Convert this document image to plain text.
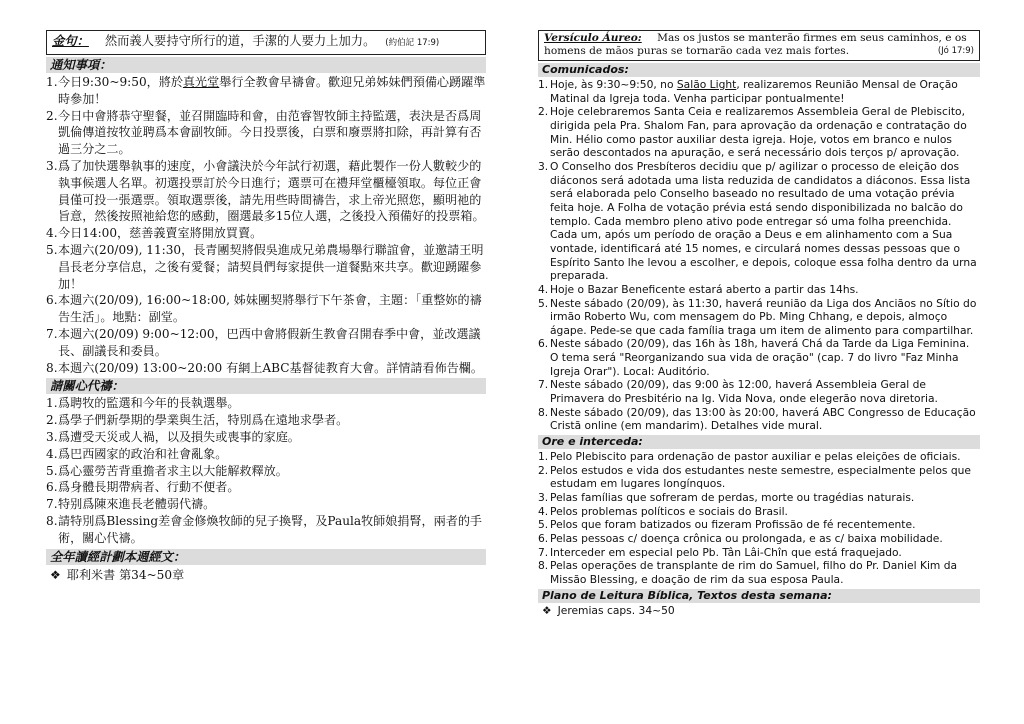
金句： 然而義人要持守所行的道，手潔的人要力上加力。 (約伯記 17:9)
通知事項：
1. 今日9:30~9:50，將於真光堂舉行全教會早禱會。歡迎兄弟姊妹們預備心踴躍準時參加！
2. 今日中會將恭守聖餐，並召開臨時和會，由范睿智牧師主持監選，表決是否爲周凱倫傳道按牧並聘爲本會副牧師。今日投票後，白票和廢票將扣除，再計算有否過三分之二。
3. 爲了加快選舉執事的速度，小會議決於今年試行初選，藉此製作一份人數較少的執事候選人名單。初選投票訂於今日進行；選票可在禮拜堂櫃檯領取。每位正會員僅可投一張選票。領取選票後，請先用些時間禱告，求上帝光照您，顯明祂的旨意，然後按照祂給您的感動，圈選最多15位人選，之後投入預備好的投票箱。
4. 今日14:00，慈善義賣室將開放買賣。
5. 本週六(20/09), 11:30，長青團契將假吳進成兄弟農場舉行聯誼會，並邀請王明昌長老分享信息，之後有愛餐；請契員們每家提供一道餐點來共享。歡迎踴躍參加！
6. 本週六(20/09), 16:00~18:00, 姊妹團契將舉行下午茶會，主題：「重整妳的禱告生活」。地點：副堂。
7. 本週六(20/09) 9:00~12:00，巴西中會將假新生教會召開春季中會，並改選議長、副議長和委員。
8. 本週六(20/09) 13:00~20:00 有網上ABC基督徒教育大會。詳情請看佈告欄。
請關心代禱：
1. 爲聘牧的監選和今年的長執選舉。
2. 爲學子們新學期的學業與生活，特別爲在遠地求學者。
3. 爲遭受天災或人禍，以及損失或喪事的家庭。
4. 爲巴西國家的政治和社會亂象。
5. 爲心靈勞苦背重擔者求主以大能解救釋放。
6. 爲身體長期帶病者、行動不便者。
7. 特别爲陳來進長老體弱代禱。
8. 請特別爲Blessing差會金修煥牧師的兒子換腎，及Paula牧師娘捐腎，兩者的手術，關心代禱。
全年讀經計劃本週經文：
❖ 耶利米書 第34~50章
Versículo Áureo: Mas os justos se manterão firmes em seus caminhos, e os homens de mãos puras se tornarão cada vez mais fortes.	(Jó 17:9)
Comunicados:
1. Hoje, às 9:30~9:50, no Salão Light, realizaremos Reunião Mensal de Oração Matinal da Igreja toda. Venha participar pontualmente!
2. Hoje celebraremos Santa Ceia e realizaremos Assembleia Geral de Plebiscito, dirigida pela Pra. Shalom Fan, para aprovação da ordenação e contratação do Min. Hélio como pastor auxiliar desta igreja. Hoje, votos em branco e nulos serão descontados na apuração, e será necessário dois terços p/ aprovação.
3. O Conselho dos Presbíteros decidiu que p/ agilizar o processo de eleição dos diáconos será adotada uma lista reduzida de candidatos a diáconos. Essa lista será elaborada pelo Conselho baseado no resultado de uma votação prévia feita hoje. A Folha de votação prévia está sendo disponibilizada no balcão do templo. Cada membro pleno ativo pode entregar só uma folha preenchida. Cada um, após um período de oração a Deus e em alinhamento com a Sua vontade, identificará até 15 nomes, e circulará nomes dessas pessoas que o Espírito Santo lhe levou a escolher, e depois, coloque essa folha dentro da urna preparada.
4. Hoje o Bazar Beneficente estará aberto a partir das 14hs.
5. Neste sábado (20/09), às 11:30, haverá reunião da Liga dos Anciãos no Sítio do irmão Roberto Wu, com mensagem do Pb. Ming Chhang, e depois, almoço ágape. Pede-se que cada família traga um item de alimento para compartilhar.
6. Neste sábado (20/09), das 16h às 18h, haverá Chá da Tarde da Liga Feminina. O tema será "Reorganizando sua vida de oração" (cap. 7 do livro "Faz Minha Igreja Orar"). Local: Auditório.
7. Neste sábado (20/09), das 9:00 às 12:00, haverá Assembleia Geral de Primavera do Presbitério na Ig. Vida Nova, onde elegerão nova diretoria.
8. Neste sábado (20/09), das 13:00 às 20:00, haverá ABC Congresso de Educação Cristã online (em mandarim). Detalhes vide mural.
Ore e interceda:
1. Pelo Plebiscito para ordenação de pastor auxiliar e pelas eleições de oficiais.
2. Pelos estudos e vida dos estudantes neste semestre, especialmente pelos que estudam em lugares longínquos.
3. Pelas famílias que sofreram de perdas, morte ou tragédias naturais.
4. Pelos problemas políticos e sociais do Brasil.
5. Pelos que foram batizados ou fizeram Profissão de fé recentemente.
6. Pelas pessoas c/ doença crônica ou prolongada, e as c/ baixa mobilidade.
7. Interceder em especial pelo Pb. Tân Lâi-Chîn que está fraquejado.
8. Pelas operações de transplante de rim do Samuel, filho do Pr. Daniel Kim da Missão Blessing, e doação de rim da sua esposa Paula.
Plano de Leitura Bíblica, Textos desta semana:
❖ Jeremias caps. 34~50
